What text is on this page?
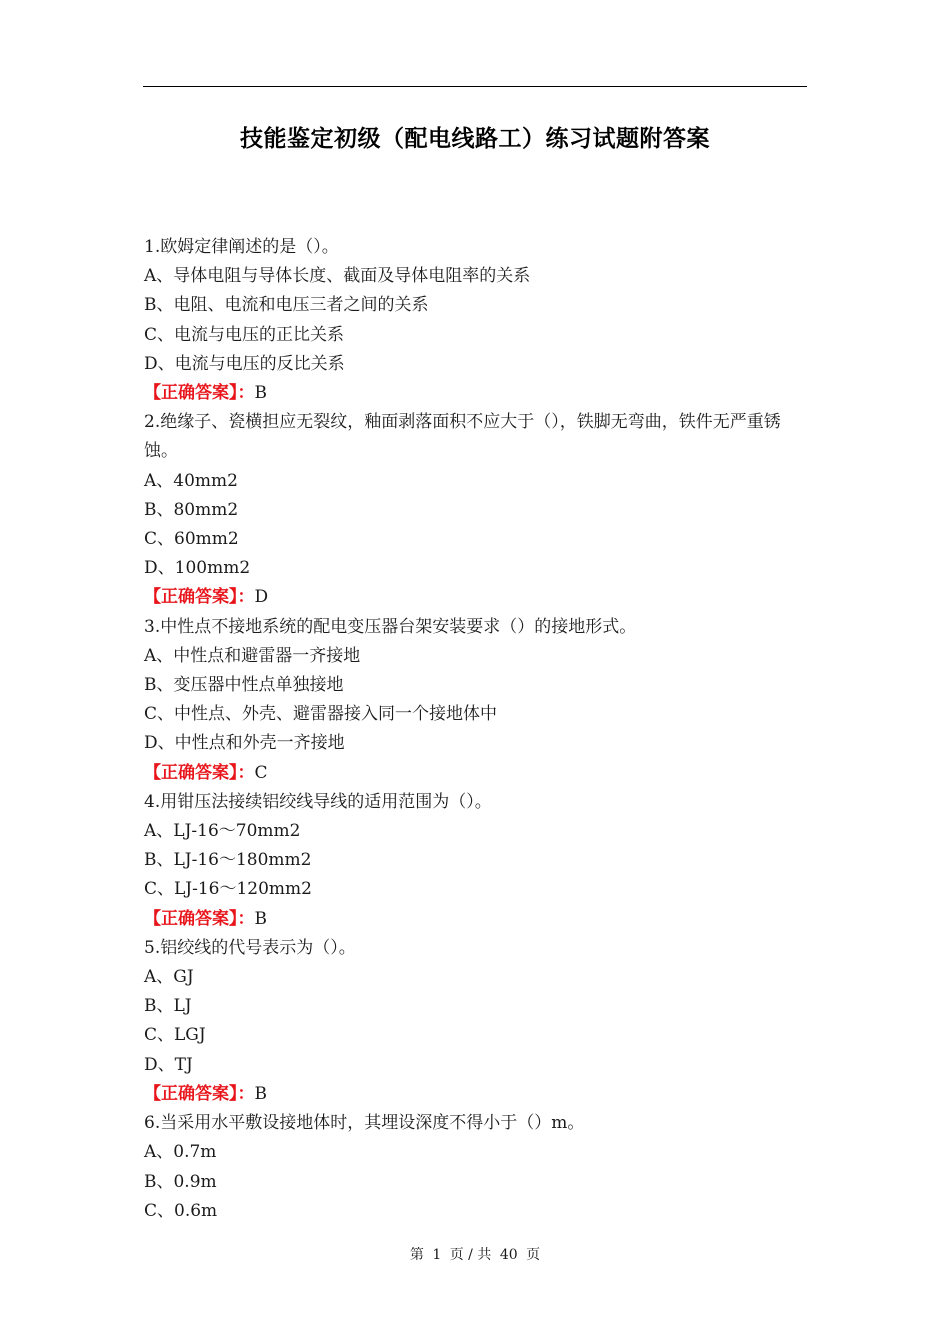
技能鉴定初级（配电线路工）练习试题附答案
1.欧姆定律阐述的是（）。
A、导体电阻与导体长度、截面及导体电阻率的关系
B、电阻、电流和电压三者之间的关系
C、电流与电压的正比关系
D、电流与电压的反比关系
【正确答案】：B
2.绝缘子、瓷横担应无裂纹，釉面剥落面积不应大于（），铁脚无弯曲，铁件无严重锈蚀。
A、40mm2
B、80mm2
C、60mm2
D、100mm2
【正确答案】：D
3.中性点不接地系统的配电变压器台架安装要求（）的接地形式。
A、中性点和避雷器一齐接地
B、变压器中性点单独接地
C、中性点、外壳、避雷器接入同一个接地体中
D、中性点和外壳一齐接地
【正确答案】：C
4.用钳压法接续铝绞线导线的适用范围为（）。
A、LJ-16～70mm2
B、LJ-16～180mm2
C、LJ-16～120mm2
【正确答案】：B
5.铝绞线的代号表示为（）。
A、GJ
B、LJ
C、LGJ
D、TJ
【正确答案】：B
6.当采用水平敷设接地体时，其埋设深度不得小于（）m。
A、0.7m
B、0.9m
C、0.6m
第 1 页 / 共 40 页
